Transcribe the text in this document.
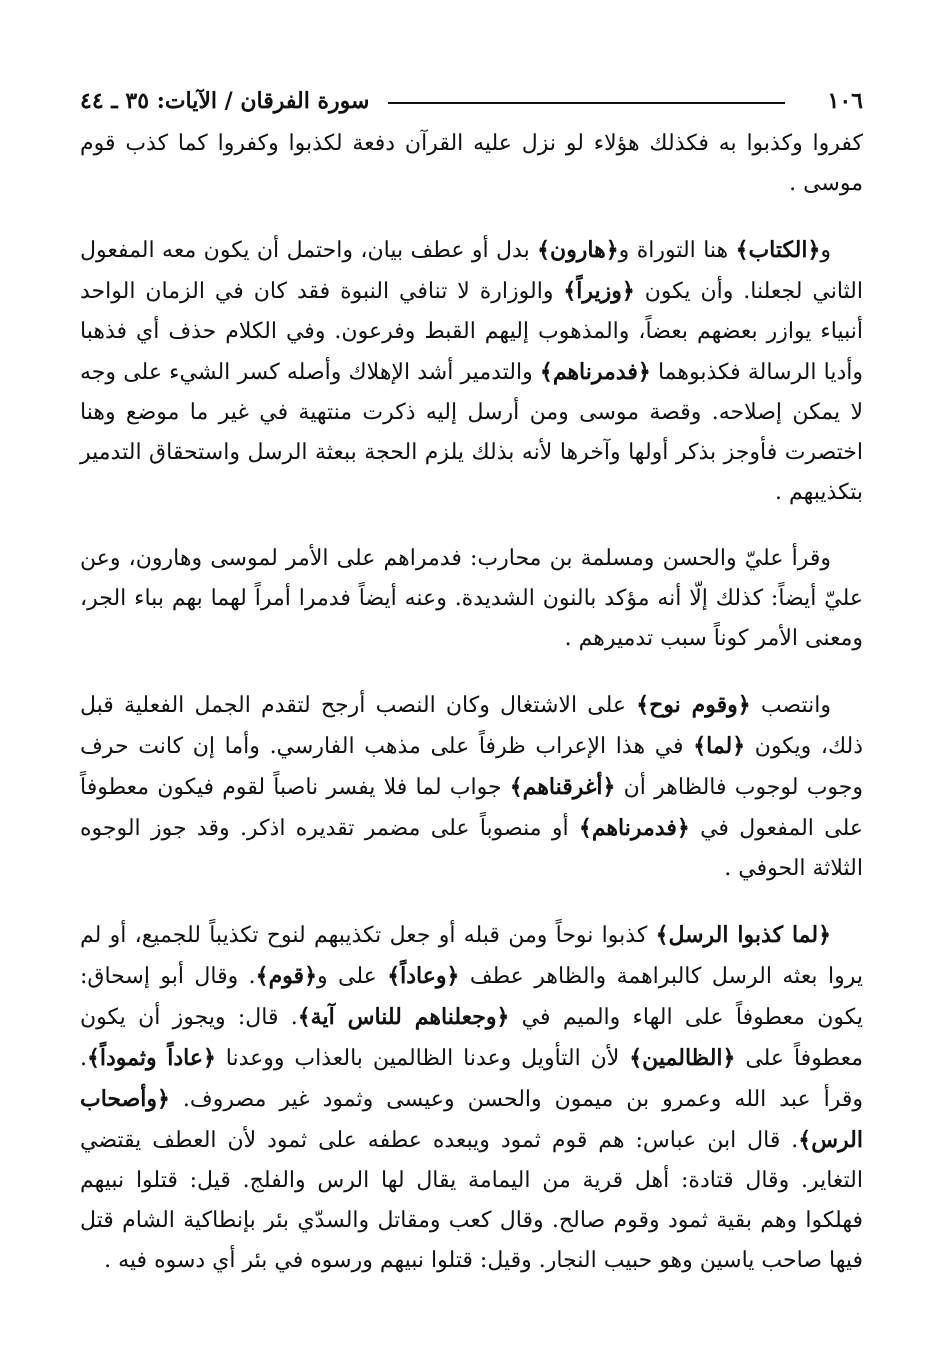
١٠٦
سورة الفرقان / الآيات: ٣٥ ـ ٤٤

كفروا وكذبوا به فكذلك هؤلاء لو نزل عليه القرآن دفعة لكذبوا وكفروا كما كذب قوم موسى .

و﴿الكتاب﴾ هنا التوراة و﴿هارون﴾ بدل أو عطف بيان، واحتمل أن يكون معه المفعول الثاني لجعلنا. وأن يكون ﴿وزيراً﴾ والوزارة لا تنافي النبوة فقد كان في الزمان الواحد أنبياء يوازر بعضهم بعضاً، والمذهوب إليهم القبط وفرعون. وفي الكلام حذف أي فذهبا وأديا الرسالة فكذبوهما ﴿فدمرناهم﴾ والتدمير أشد الإهلاك وأصله كسر الشيء على وجه لا يمكن إصلاحه. وقصة موسى ومن أرسل إليه ذكرت منتهية في غير ما موضع وهنا اختصرت فأوجز بذكر أولها وآخرها لأنه بذلك يلزم الحجة ببعثة الرسل واستحقاق التدمير بتكذيبهم .

وقرأ عليّ والحسن ومسلمة بن محارب: فدمراهم على الأمر لموسى وهارون، وعن عليّ أيضاً: كذلك إلّا أنه مؤكد بالنون الشديدة. وعنه أيضاً فدمرا أمراً لهما بهم بباء الجر، ومعنى الأمر كوناً سبب تدميرهم .

وانتصب ﴿وقوم نوح﴾ على الاشتغال وكان النصب أرجح لتقدم الجمل الفعلية قبل ذلك، ويكون ﴿لما﴾ في هذا الإعراب ظرفاً على مذهب الفارسي. وأما إن كانت حرف وجوب لوجوب فالظاهر أن ﴿أغرقناهم﴾ جواب لما فلا يفسر ناصباً لقوم فيكون معطوفاً على المفعول في ﴿فدمرناهم﴾ أو منصوباً على مضمر تقديره اذكر. وقد جوز الوجوه الثلاثة الحوفي .

﴿لما كذبوا الرسل﴾ كذبوا نوحاً ومن قبله أو جعل تكذيبهم لنوح تكذيباً للجميع، أو لم يروا بعثه الرسل كالبراهمة والظاهر عطف ﴿وعاداً﴾ على و﴿قوم﴾. وقال أبو إسحاق: يكون معطوفاً على الهاء والميم في ﴿وجعلناهم للناس آية﴾. قال: ويجوز أن يكون معطوفاً على ﴿الظالمين﴾ لأن التأويل وعدنا الظالمين بالعذاب ووعدنا ﴿عاداً وثموداً﴾. وقرأ عبد الله وعمرو بن ميمون والحسن وعيسى وثمود غير مصروف. ﴿وأصحاب الرس﴾. قال ابن عباس: هم قوم ثمود ويبعده عطفه على ثمود لأن العطف يقتضي التغاير. وقال قتادة: أهل قرية من اليمامة يقال لها الرس والفلج. قيل: قتلوا نبيهم فهلكوا وهم بقية ثمود وقوم صالح. وقال كعب ومقاتل والسدّي بئر بإنطاكية الشام قتل فيها صاحب ياسين وهو حبيب النجار. وقيل: قتلوا نبيهم ورسوه في بئر أي دسوه فيه .
